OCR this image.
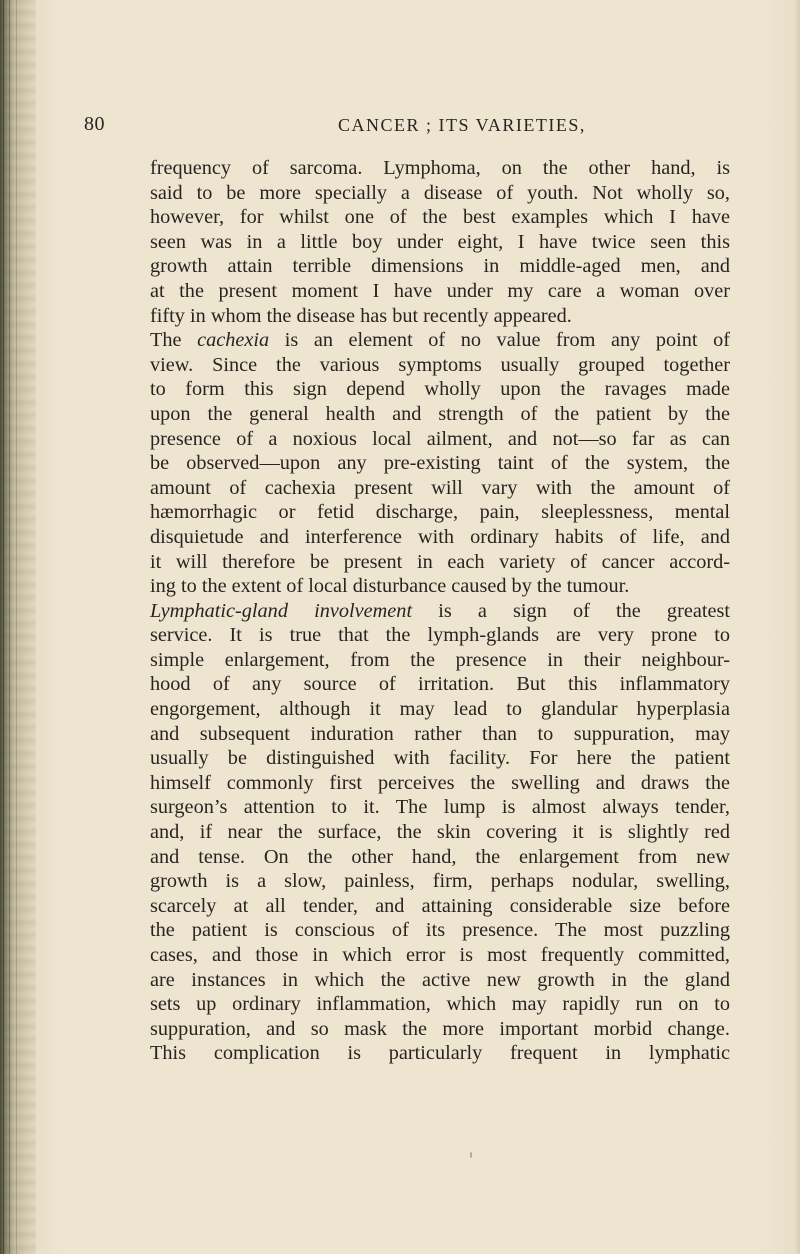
80	CANCER ; ITS VARIETIES,
frequency of sarcoma. Lymphoma, on the other hand, is
said to be more specially a disease of youth. Not wholly so,
however, for whilst one of the best examples which I have
seen was in a little boy under eight, I have twice seen this
growth attain terrible dimensions in middle-aged men, and
at the present moment I have under my care a woman over
fifty in whom the disease has but recently appeared.
The cachexia is an element of no value from any point of
view. Since the various symptoms usually grouped together
to form this sign depend wholly upon the ravages made
upon the general health and strength of the patient by the
presence of a noxious local ailment, and not—so far as can
be observed—upon any pre-existing taint of the system, the
amount of cachexia present will vary with the amount of
hæmorrhagic or fetid discharge, pain, sleeplessness, mental
disquietude and interference with ordinary habits of life, and
it will therefore be present in each variety of cancer accord-
ing to the extent of local disturbance caused by the tumour.
Lymphatic-gland involvement is a sign of the greatest
service. It is true that the lymph-glands are very prone to
simple enlargement, from the presence in their neighbour-
hood of any source of irritation. But this inflammatory
engorgement, although it may lead to glandular hyperplasia
and subsequent induration rather than to suppuration, may
usually be distinguished with facility. For here the patient
himself commonly first perceives the swelling and draws the
surgeon’s attention to it. The lump is almost always tender,
and, if near the surface, the skin covering it is slightly red
and tense. On the other hand, the enlargement from new
growth is a slow, painless, firm, perhaps nodular, swelling,
scarcely at all tender, and attaining considerable size before
the patient is conscious of its presence. The most puzzling
cases, and those in which error is most frequently committed,
are instances in which the active new growth in the gland
sets up ordinary inflammation, which may rapidly run on to
suppuration, and so mask the more important morbid change.
This complication is particularly frequent in lymphatic
